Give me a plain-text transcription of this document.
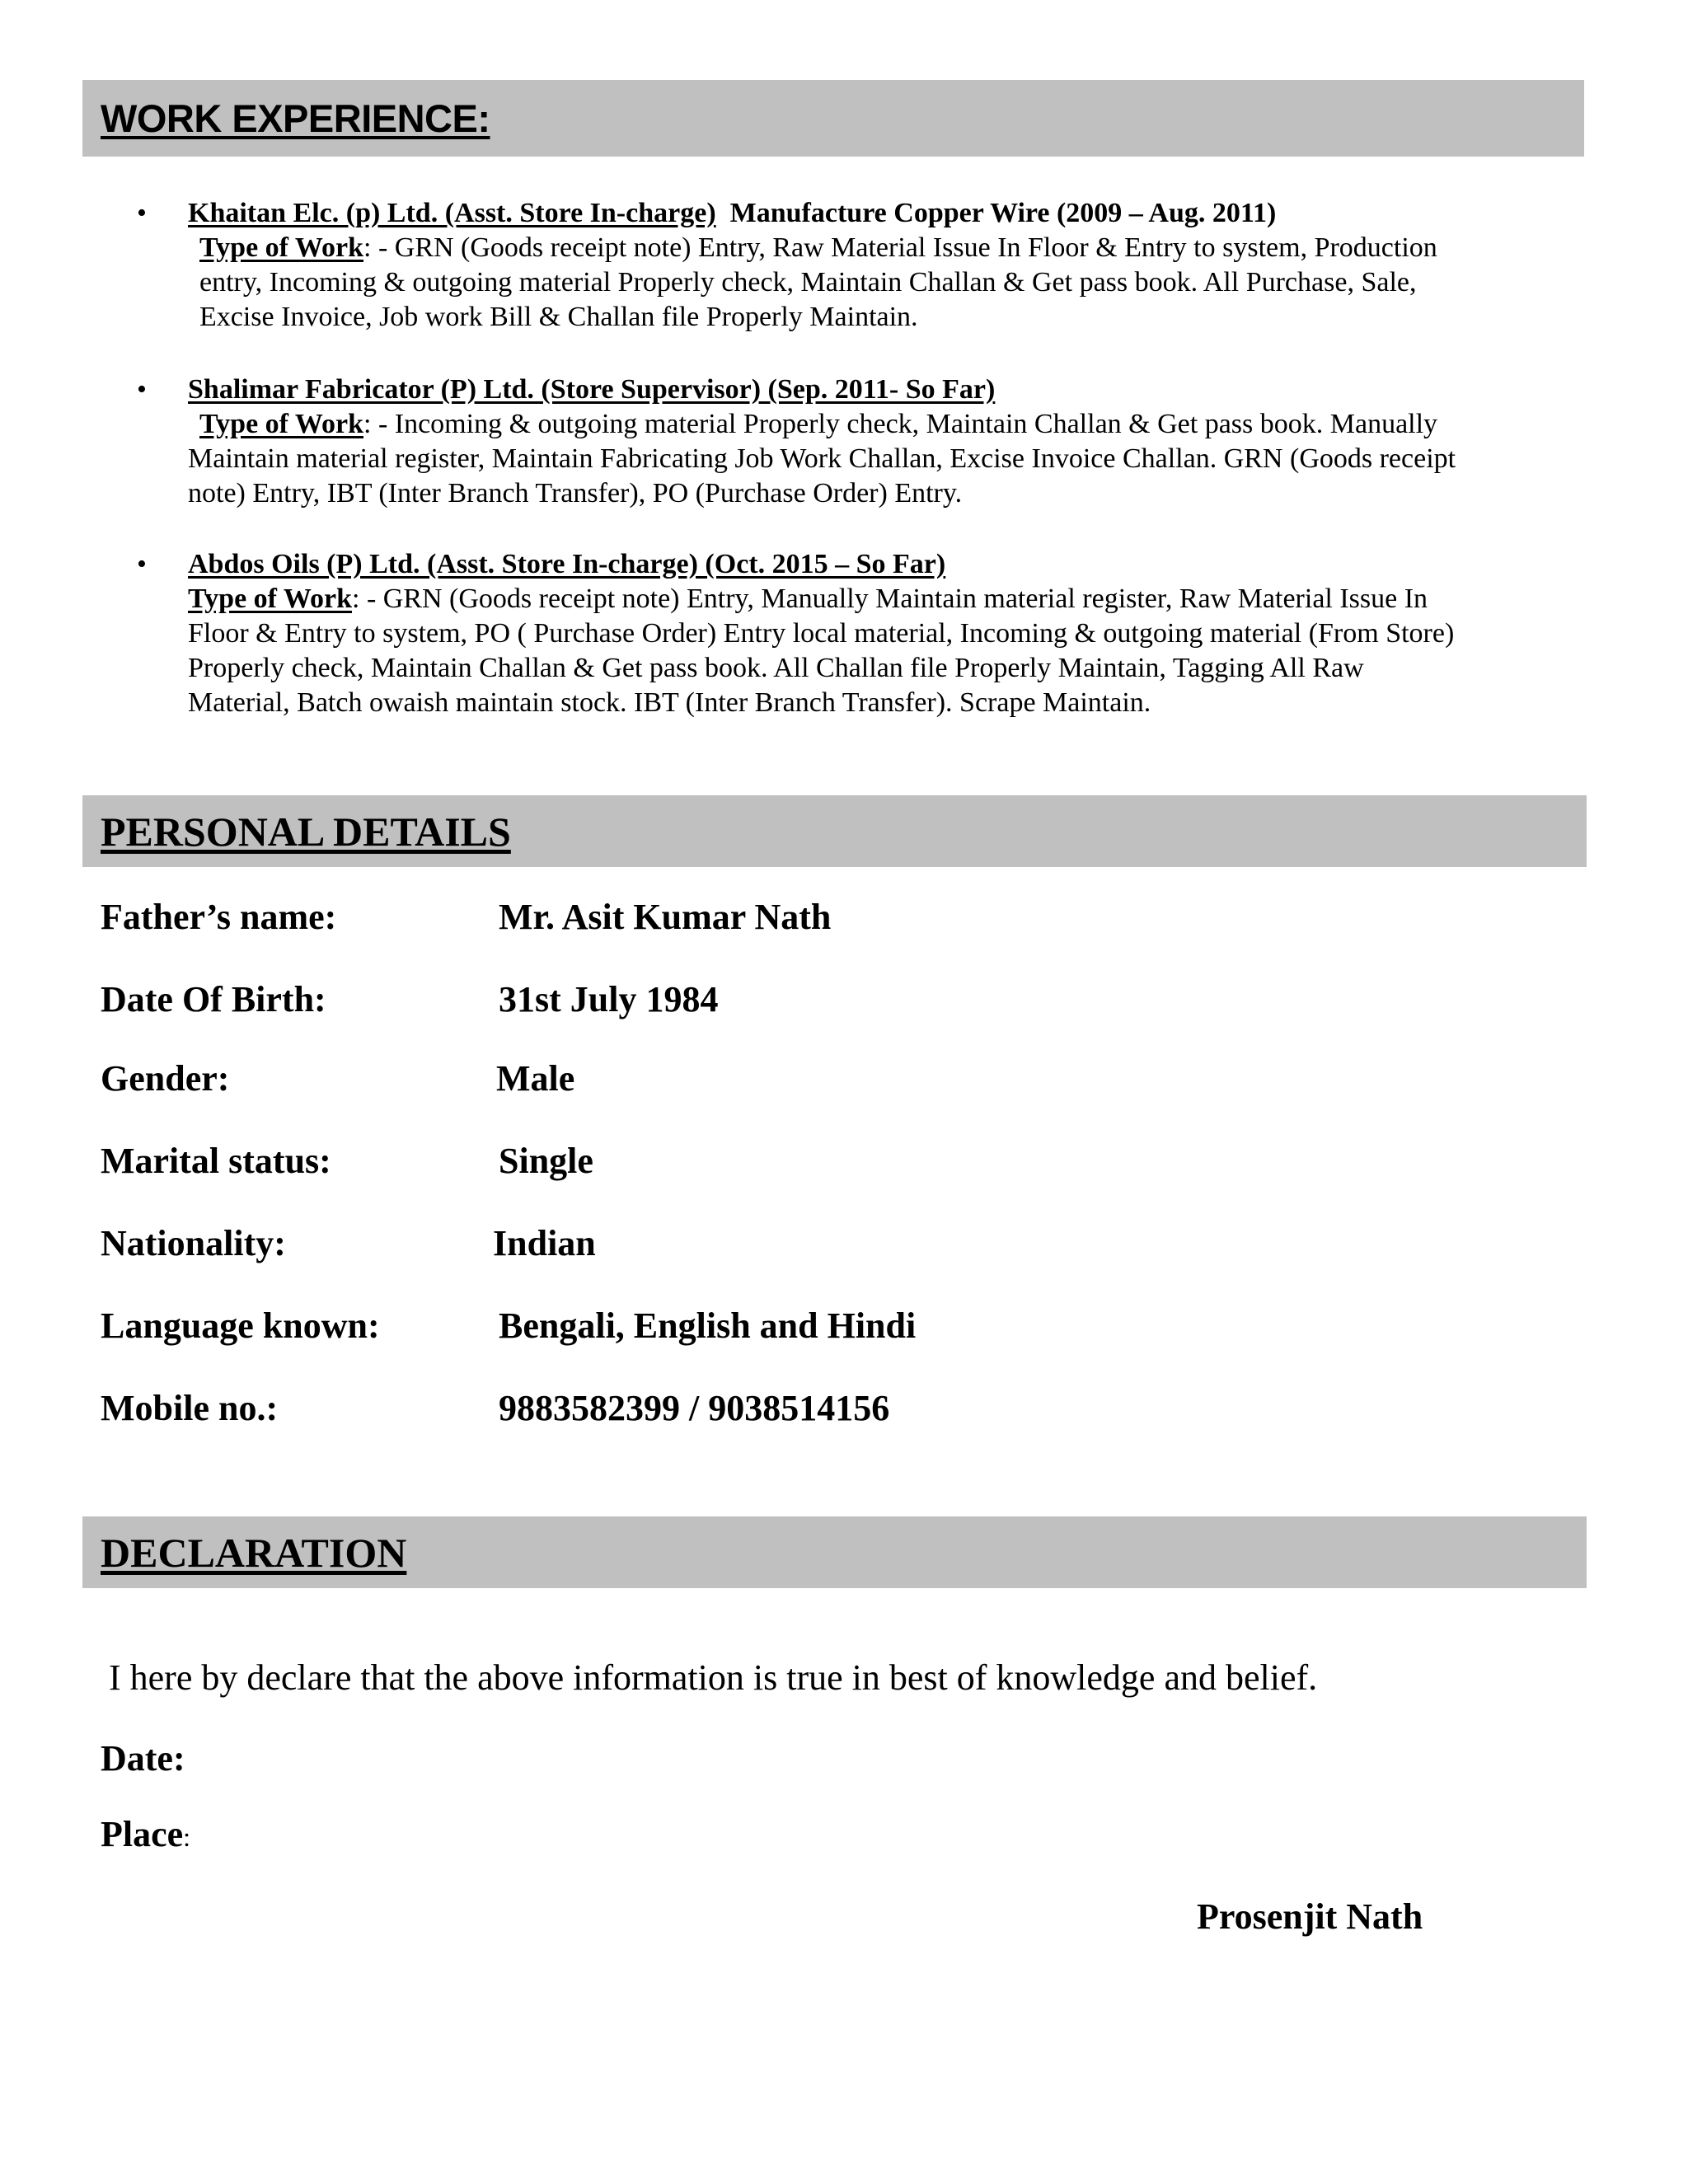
WORK EXPERIENCE:
• Khaitan Elc. (p) Ltd. (Asst. Store In-charge) Manufacture Copper Wire (2009 – Aug. 2011)
Type of Work: - GRN (Goods receipt note) Entry, Raw Material Issue In Floor & Entry to system, Production
entry, Incoming & outgoing material Properly check, Maintain Challan & Get pass book. All Purchase, Sale,
Excise Invoice, Job work Bill & Challan file Properly Maintain.
• Shalimar Fabricator (P) Ltd. (Store Supervisor) (Sep. 2011- So Far)
Type of Work: - Incoming & outgoing material Properly check, Maintain Challan & Get pass book. Manually
Maintain material register, Maintain Fabricating Job Work Challan, Excise Invoice Challan. GRN (Goods receipt
note) Entry, IBT (Inter Branch Transfer), PO (Purchase Order) Entry.
• Abdos Oils (P) Ltd. (Asst. Store In-charge) (Oct. 2015 – So Far)
Type of Work: - GRN (Goods receipt note) Entry, Manually Maintain material register, Raw Material Issue In
Floor & Entry to system, PO ( Purchase Order) Entry local material, Incoming & outgoing material (From Store)
Properly check, Maintain Challan & Get pass book. All Challan file Properly Maintain, Tagging All Raw
Material, Batch owaish maintain stock. IBT (Inter Branch Transfer). Scrape Maintain.
PERSONAL DETAILS
Father’s name:	Mr. Asit Kumar Nath
Date Of Birth:	31st July 1984
Gender:	Male
Marital status:	Single
Nationality:	Indian
Language known:	Bengali, English and Hindi
Mobile no.:	9883582399 / 9038514156
DECLARATION
I here by declare that the above information is true in best of knowledge and belief.
Date:
Place:
Prosenjit Nath
